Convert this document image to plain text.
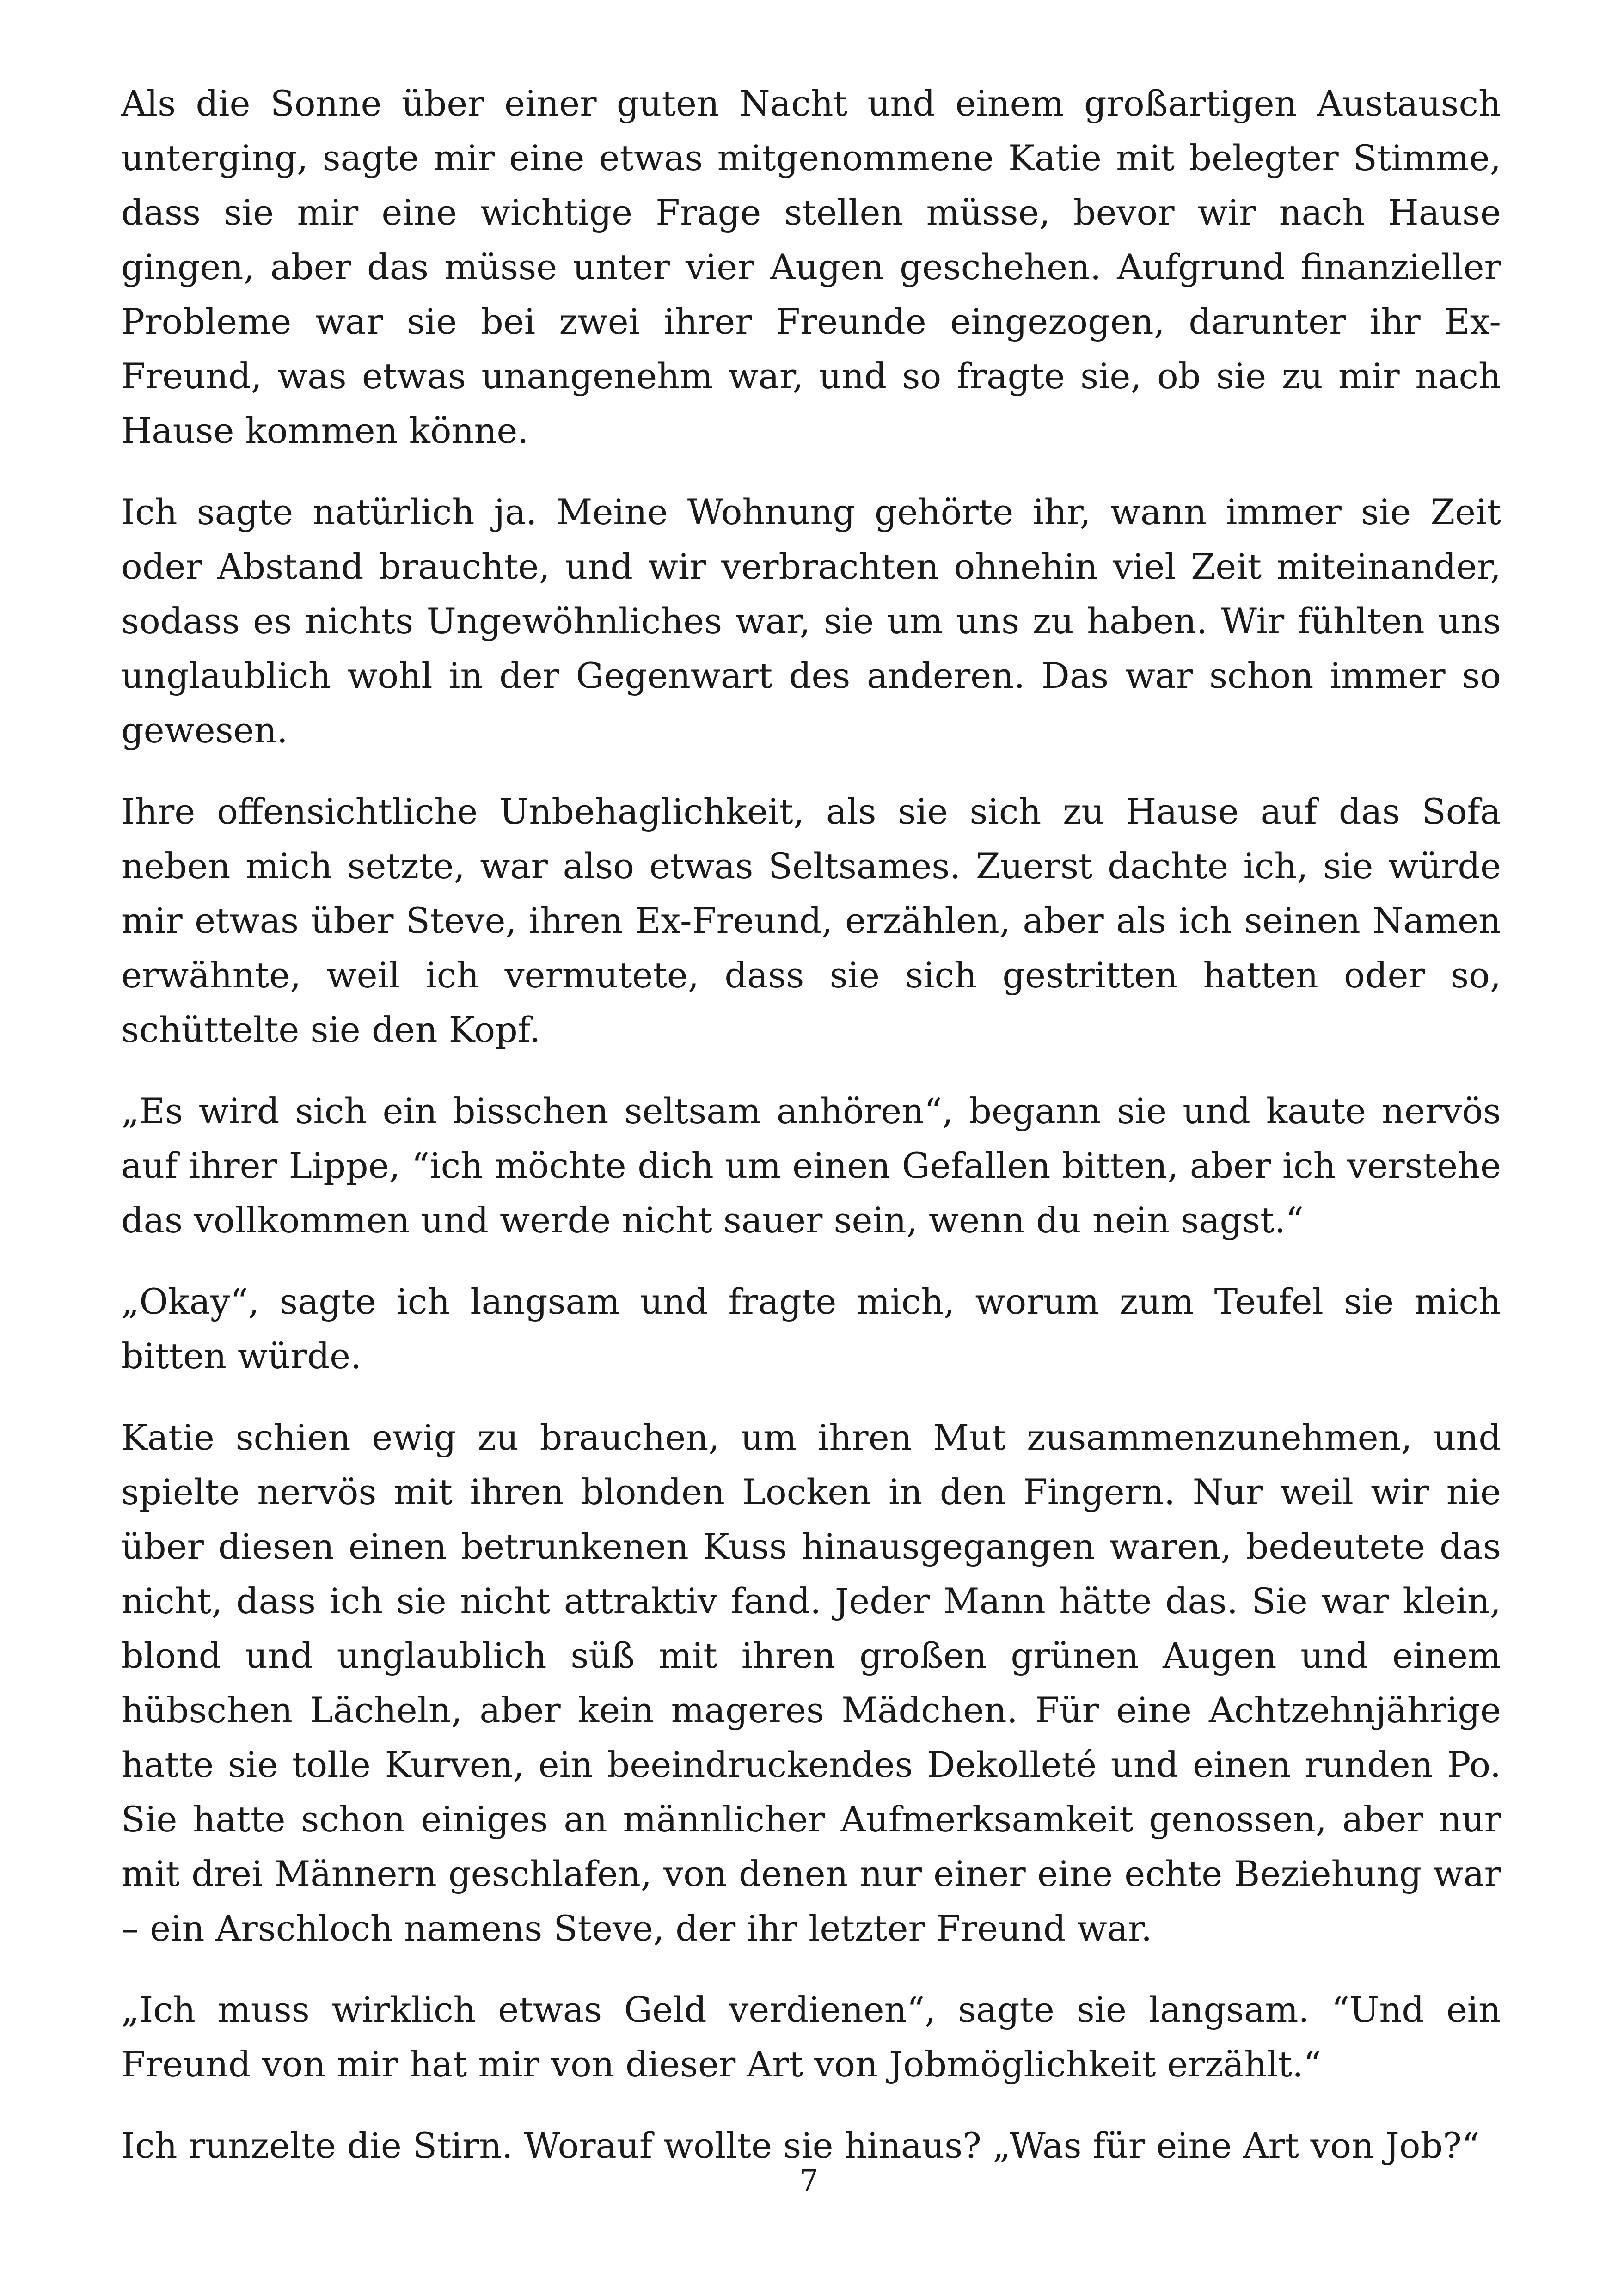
Als die Sonne über einer guten Nacht und einem großartigen Austausch unterging, sagte mir eine etwas mitgenommene Katie mit belegter Stimme, dass sie mir eine wichtige Frage stellen müsse, bevor wir nach Hause gingen, aber das müsse unter vier Augen geschehen. Aufgrund finanzieller Probleme war sie bei zwei ihrer Freunde eingezogen, darunter ihr Ex-Freund, was etwas unangenehm war, und so fragte sie, ob sie zu mir nach Hause kommen könne.

Ich sagte natürlich ja. Meine Wohnung gehörte ihr, wann immer sie Zeit oder Abstand brauchte, und wir verbrachten ohnehin viel Zeit miteinander, sodass es nichts Ungewöhnliches war, sie um uns zu haben. Wir fühlten uns unglaublich wohl in der Gegenwart des anderen. Das war schon immer so gewesen.

Ihre offensichtliche Unbehaglichkeit, als sie sich zu Hause auf das Sofa neben mich setzte, war also etwas Seltsames. Zuerst dachte ich, sie würde mir etwas über Steve, ihren Ex-Freund, erzählen, aber als ich seinen Namen erwähnte, weil ich vermutete, dass sie sich gestritten hatten oder so, schüttelte sie den Kopf.

„Es wird sich ein bisschen seltsam anhören“, begann sie und kaute nervös auf ihrer Lippe, “ich möchte dich um einen Gefallen bitten, aber ich verstehe das vollkommen und werde nicht sauer sein, wenn du nein sagst.“

„Okay“, sagte ich langsam und fragte mich, worum zum Teufel sie mich bitten würde.

Katie schien ewig zu brauchen, um ihren Mut zusammenzunehmen, und spielte nervös mit ihren blonden Locken in den Fingern. Nur weil wir nie über diesen einen betrunkenen Kuss hinausgegangen waren, bedeutete das nicht, dass ich sie nicht attraktiv fand. Jeder Mann hätte das. Sie war klein, blond und unglaublich süß mit ihren großen grünen Augen und einem hübschen Lächeln, aber kein mageres Mädchen. Für eine Achtzehnjährige hatte sie tolle Kurven, ein beeindruckendes Dekolleté und einen runden Po. Sie hatte schon einiges an männlicher Aufmerksamkeit genossen, aber nur mit drei Männern geschlafen, von denen nur einer eine echte Beziehung war – ein Arschloch namens Steve, der ihr letzter Freund war.

„Ich muss wirklich etwas Geld verdienen“, sagte sie langsam. “Und ein Freund von mir hat mir von dieser Art von Jobmöglichkeit erzählt.“

Ich runzelte die Stirn. Worauf wollte sie hinaus? „Was für eine Art von Job?“

7
